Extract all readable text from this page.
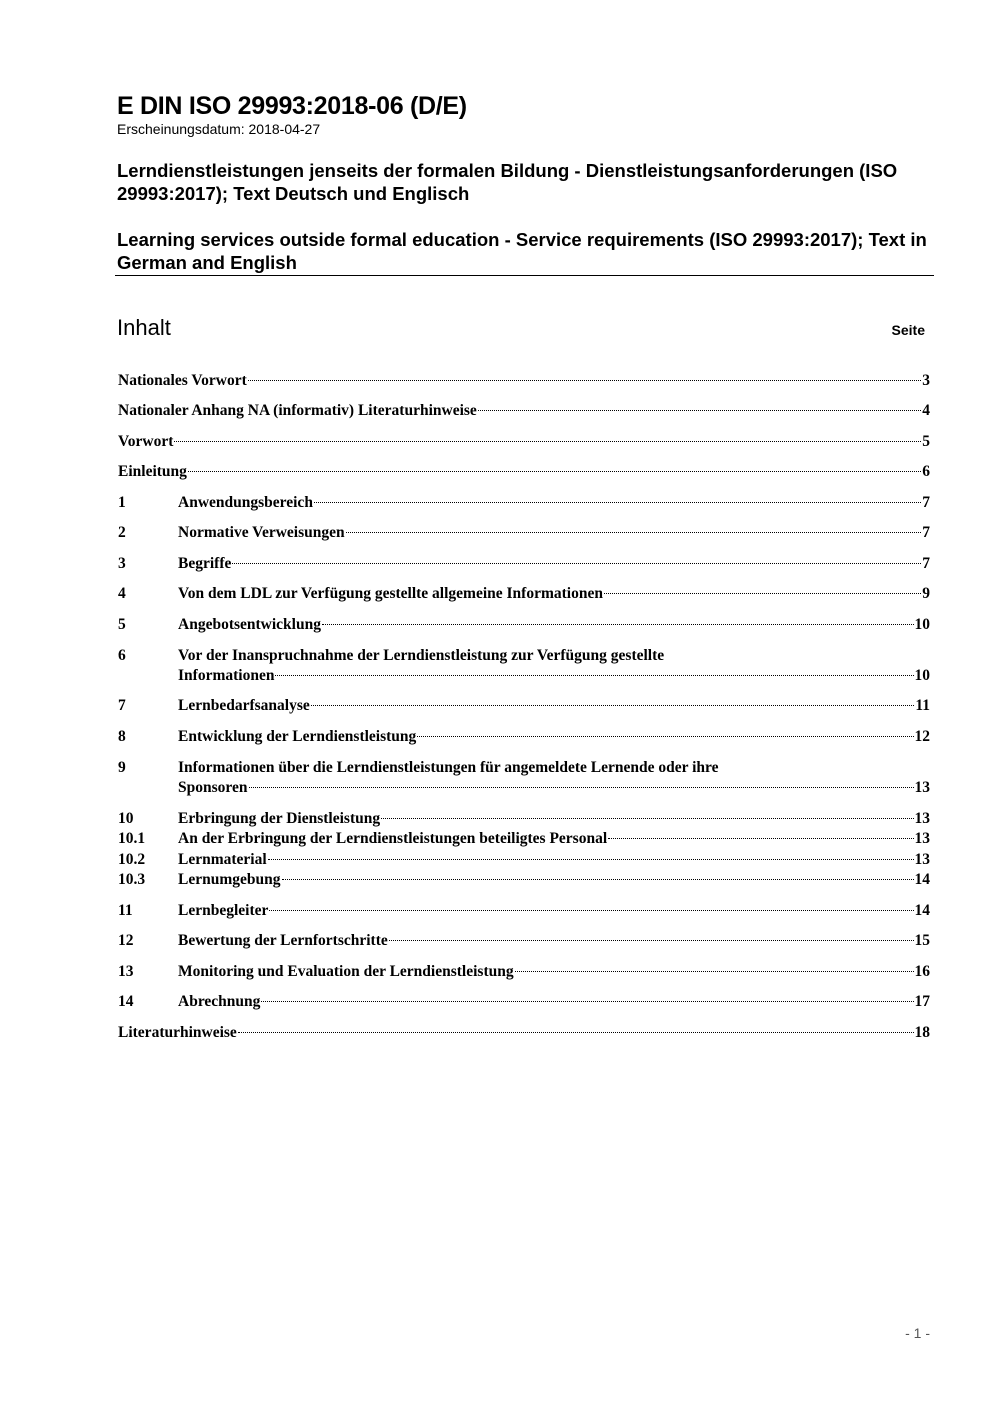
E DIN ISO 29993:2018-06 (D/E)
Erscheinungsdatum: 2018-04-27
Lerndienstleistungen jenseits der formalen Bildung - Dienstleistungsanforderungen (ISO 29993:2017); Text Deutsch und Englisch
Learning services outside formal education - Service requirements (ISO 29993:2017); Text in German and English
Inhalt	Seite
Nationales Vorwort	3
Nationaler Anhang NA (informativ) Literaturhinweise	4
Vorwort	5
Einleitung	6
1	Anwendungsbereich	7
2	Normative Verweisungen	7
3	Begriffe	7
4	Von dem LDL zur Verfügung gestellte allgemeine Informationen	9
5	Angebotsentwicklung	10
6	Vor der Inanspruchnahme der Lerndienstleistung zur Verfügung gestellte
Informationen	10
7	Lernbedarfsanalyse	11
8	Entwicklung der Lerndienstleistung	12
9	Informationen über die Lerndienstleistungen für angemeldete Lernende oder ihre
Sponsoren	13
10	Erbringung der Dienstleistung	13
10.1	An der Erbringung der Lerndienstleistungen beteiligtes Personal	13
10.2	Lernmaterial	13
10.3	Lernumgebung	14
11	Lernbegleiter	14
12	Bewertung der Lernfortschritte	15
13	Monitoring und Evaluation der Lerndienstleistung	16
14	Abrechnung	17
Literaturhinweise	18
- 1 -
